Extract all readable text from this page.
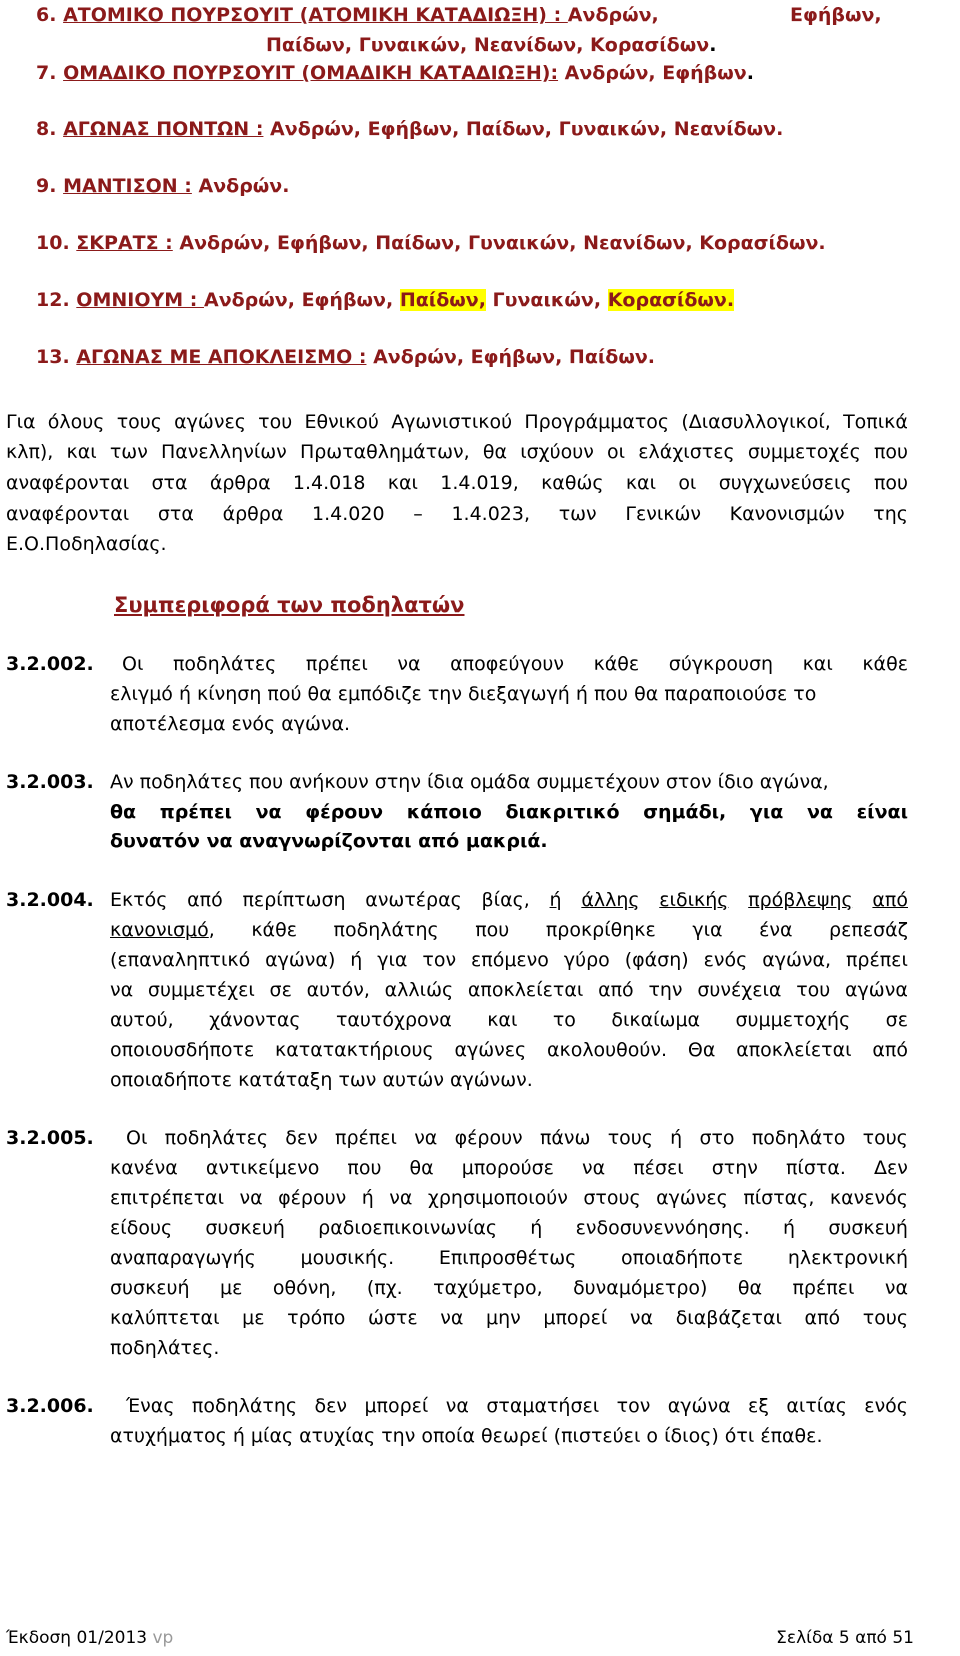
6. ΑΤΟΜΙΚΟ ΠΟΥΡΣΟΥΙΤ (ΑΤΟΜΙΚΗ ΚΑΤΑΔΙΩΞΗ) : Ανδρών,	Εφήβων,
Παίδων, Γυναικών, Νεανίδων, Κορασίδων.
7. ΟΜΑΔΙΚΟ ΠΟΥΡΣΟΥΙΤ (ΟΜΑΔΙΚΗ ΚΑΤΑΔΙΩΞΗ): Ανδρών, Εφήβων.
8. ΑΓΩΝΑΣ ΠΟΝΤΩΝ : Ανδρών, Εφήβων, Παίδων, Γυναικών, Νεανίδων.
9. ΜΑΝΤΙΣΟΝ : Ανδρών.
10. ΣΚΡΑΤΣ : Ανδρών, Εφήβων, Παίδων, Γυναικών, Νεανίδων, Κορασίδων.
12. ΟΜΝΙΟΥΜ : Ανδρών, Εφήβων, Παίδων, Γυναικών, Κορασίδων.
13. ΑΓΩΝΑΣ ΜΕ ΑΠΟΚΛΕΙΣΜΟ : Ανδρών, Εφήβων, Παίδων.
Για όλους τους αγώνες του Εθνικού Αγωνιστικού Προγράμματος (Διασυλλογικοί, Τοπικά
κλπ), και των Πανελληνίων Πρωταθλημάτων, θα ισχύουν οι ελάχιστες συμμετοχές που
αναφέρονται στα άρθρα 1.4.018 και 1.4.019, καθώς και οι συγχωνεύσεις που
αναφέρονται στα άρθρα 1.4.020 – 1.4.023, των Γενικών Κανονισμών της
Ε.Ο.Ποδηλασίας.
Συμπεριφορά των ποδηλατών
3.2.002. Οι ποδηλάτες πρέπει να αποφεύγουν κάθε σύγκρουση και κάθε
ελιγμό ή κίνηση πού θα εμπόδιζε την διεξαγωγή ή που θα παραποιούσε το
αποτέλεσμα ενός αγώνα.
3.2.003. Αν ποδηλάτες που ανήκουν στην ίδια ομάδα συμμετέχουν στον ίδιο αγώνα,
θα πρέπει να φέρουν κάποιο διακριτικό σημάδι, για να είναι
δυνατόν να αναγνωρίζονται από μακριά.
3.2.004. Εκτός από περίπτωση ανωτέρας βίας, ή άλλης ειδικής πρόβλεψης από
κανονισμό, κάθε ποδηλάτης που προκρίθηκε για ένα ρεπεσάζ
(επαναληπτικό αγώνα) ή για τον επόμενο γύρο (φάση) ενός αγώνα, πρέπει
να συμμετέχει σε αυτόν, αλλιώς αποκλείεται από την συνέχεια του αγώνα
αυτού, χάνοντας ταυτόχρονα και το δικαίωμα συμμετοχής σε
οποιουσδήποτε κατατακτήριους αγώνες ακολουθούν. Θα αποκλείεται από
οποιαδήποτε κατάταξη των αυτών αγώνων.
3.2.005. Οι ποδηλάτες δεν πρέπει να φέρουν πάνω τους ή στο ποδηλάτο τους
κανένα αντικείμενο που θα μπορούσε να πέσει στην πίστα. Δεν
επιτρέπεται να φέρουν ή να χρησιμοποιούν στους αγώνες πίστας, κανενός
είδους συσκευή ραδιοεπικοινωνίας ή ενδοσυνεννόησης. ή συσκευή
αναπαραγωγής μουσικής. Επιπροσθέτως οποιαδήποτε ηλεκτρονική
συσκευή με οθόνη, (πχ. ταχύμετρο, δυναμόμετρο) θα πρέπει να
καλύπτεται με τρόπο ώστε να μην μπορεί να διαβάζεται από τους
ποδηλάτες.
3.2.006. Ένας ποδηλάτης δεν μπορεί να σταματήσει τον αγώνα εξ αιτίας ενός
ατυχήματος ή μίας ατυχίας την οποία θεωρεί (πιστεύει ο ίδιος) ότι έπαθε.
Έκδοση 01/2013 vp	Σελίδα 5 από 51
